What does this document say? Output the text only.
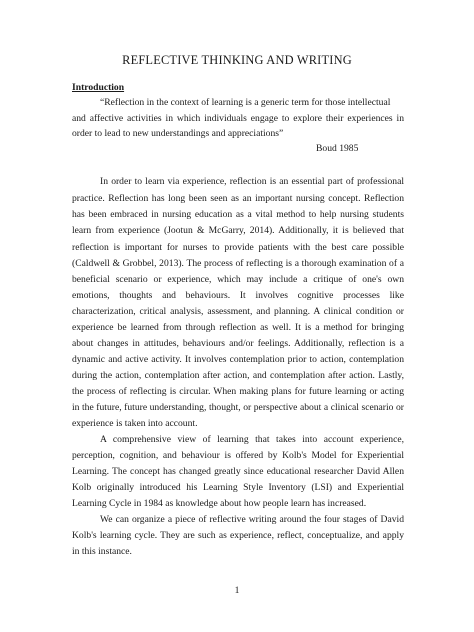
REFLECTIVE THINKING AND WRITING
Introduction
“Reflection in the context of learning is a generic term for those intellectual
and affective activities in which individuals engage to explore their experiences in
order to lead to new understandings and appreciations”
Boud 1985
In order to learn via experience, reflection is an essential part of professional
practice. Reflection has long been seen as an important nursing concept. Reflection
has been embraced in nursing education as a vital method to help nursing students
learn from experience (Jootun & McGarry, 2014). Additionally, it is believed that
reflection is important for nurses to provide patients with the best care possible
(Caldwell & Grobbel, 2013). The process of reflecting is a thorough examination of a
beneficial scenario or experience, which may include a critique of one's own
emotions, thoughts and behaviours. It involves cognitive processes like
characterization, critical analysis, assessment, and planning. A clinical condition or
experience be learned from through reflection as well. It is a method for bringing
about changes in attitudes, behaviours and/or feelings. Additionally, reflection is a
dynamic and active activity. It involves contemplation prior to action, contemplation
during the action, contemplation after action, and contemplation after action. Lastly,
the process of reflecting is circular. When making plans for future learning or acting
in the future, future understanding, thought, or perspective about a clinical scenario or
experience is taken into account.
A comprehensive view of learning that takes into account experience,
perception, cognition, and behaviour is offered by Kolb's Model for Experiential
Learning. The concept has changed greatly since educational researcher David Allen
Kolb originally introduced his Learning Style Inventory (LSI) and Experiential
Learning Cycle in 1984 as knowledge about how people learn has increased.
We can organize a piece of reflective writing around the four stages of David
Kolb's learning cycle. They are such as experience, reflect, conceptualize, and apply
in this instance.
1
